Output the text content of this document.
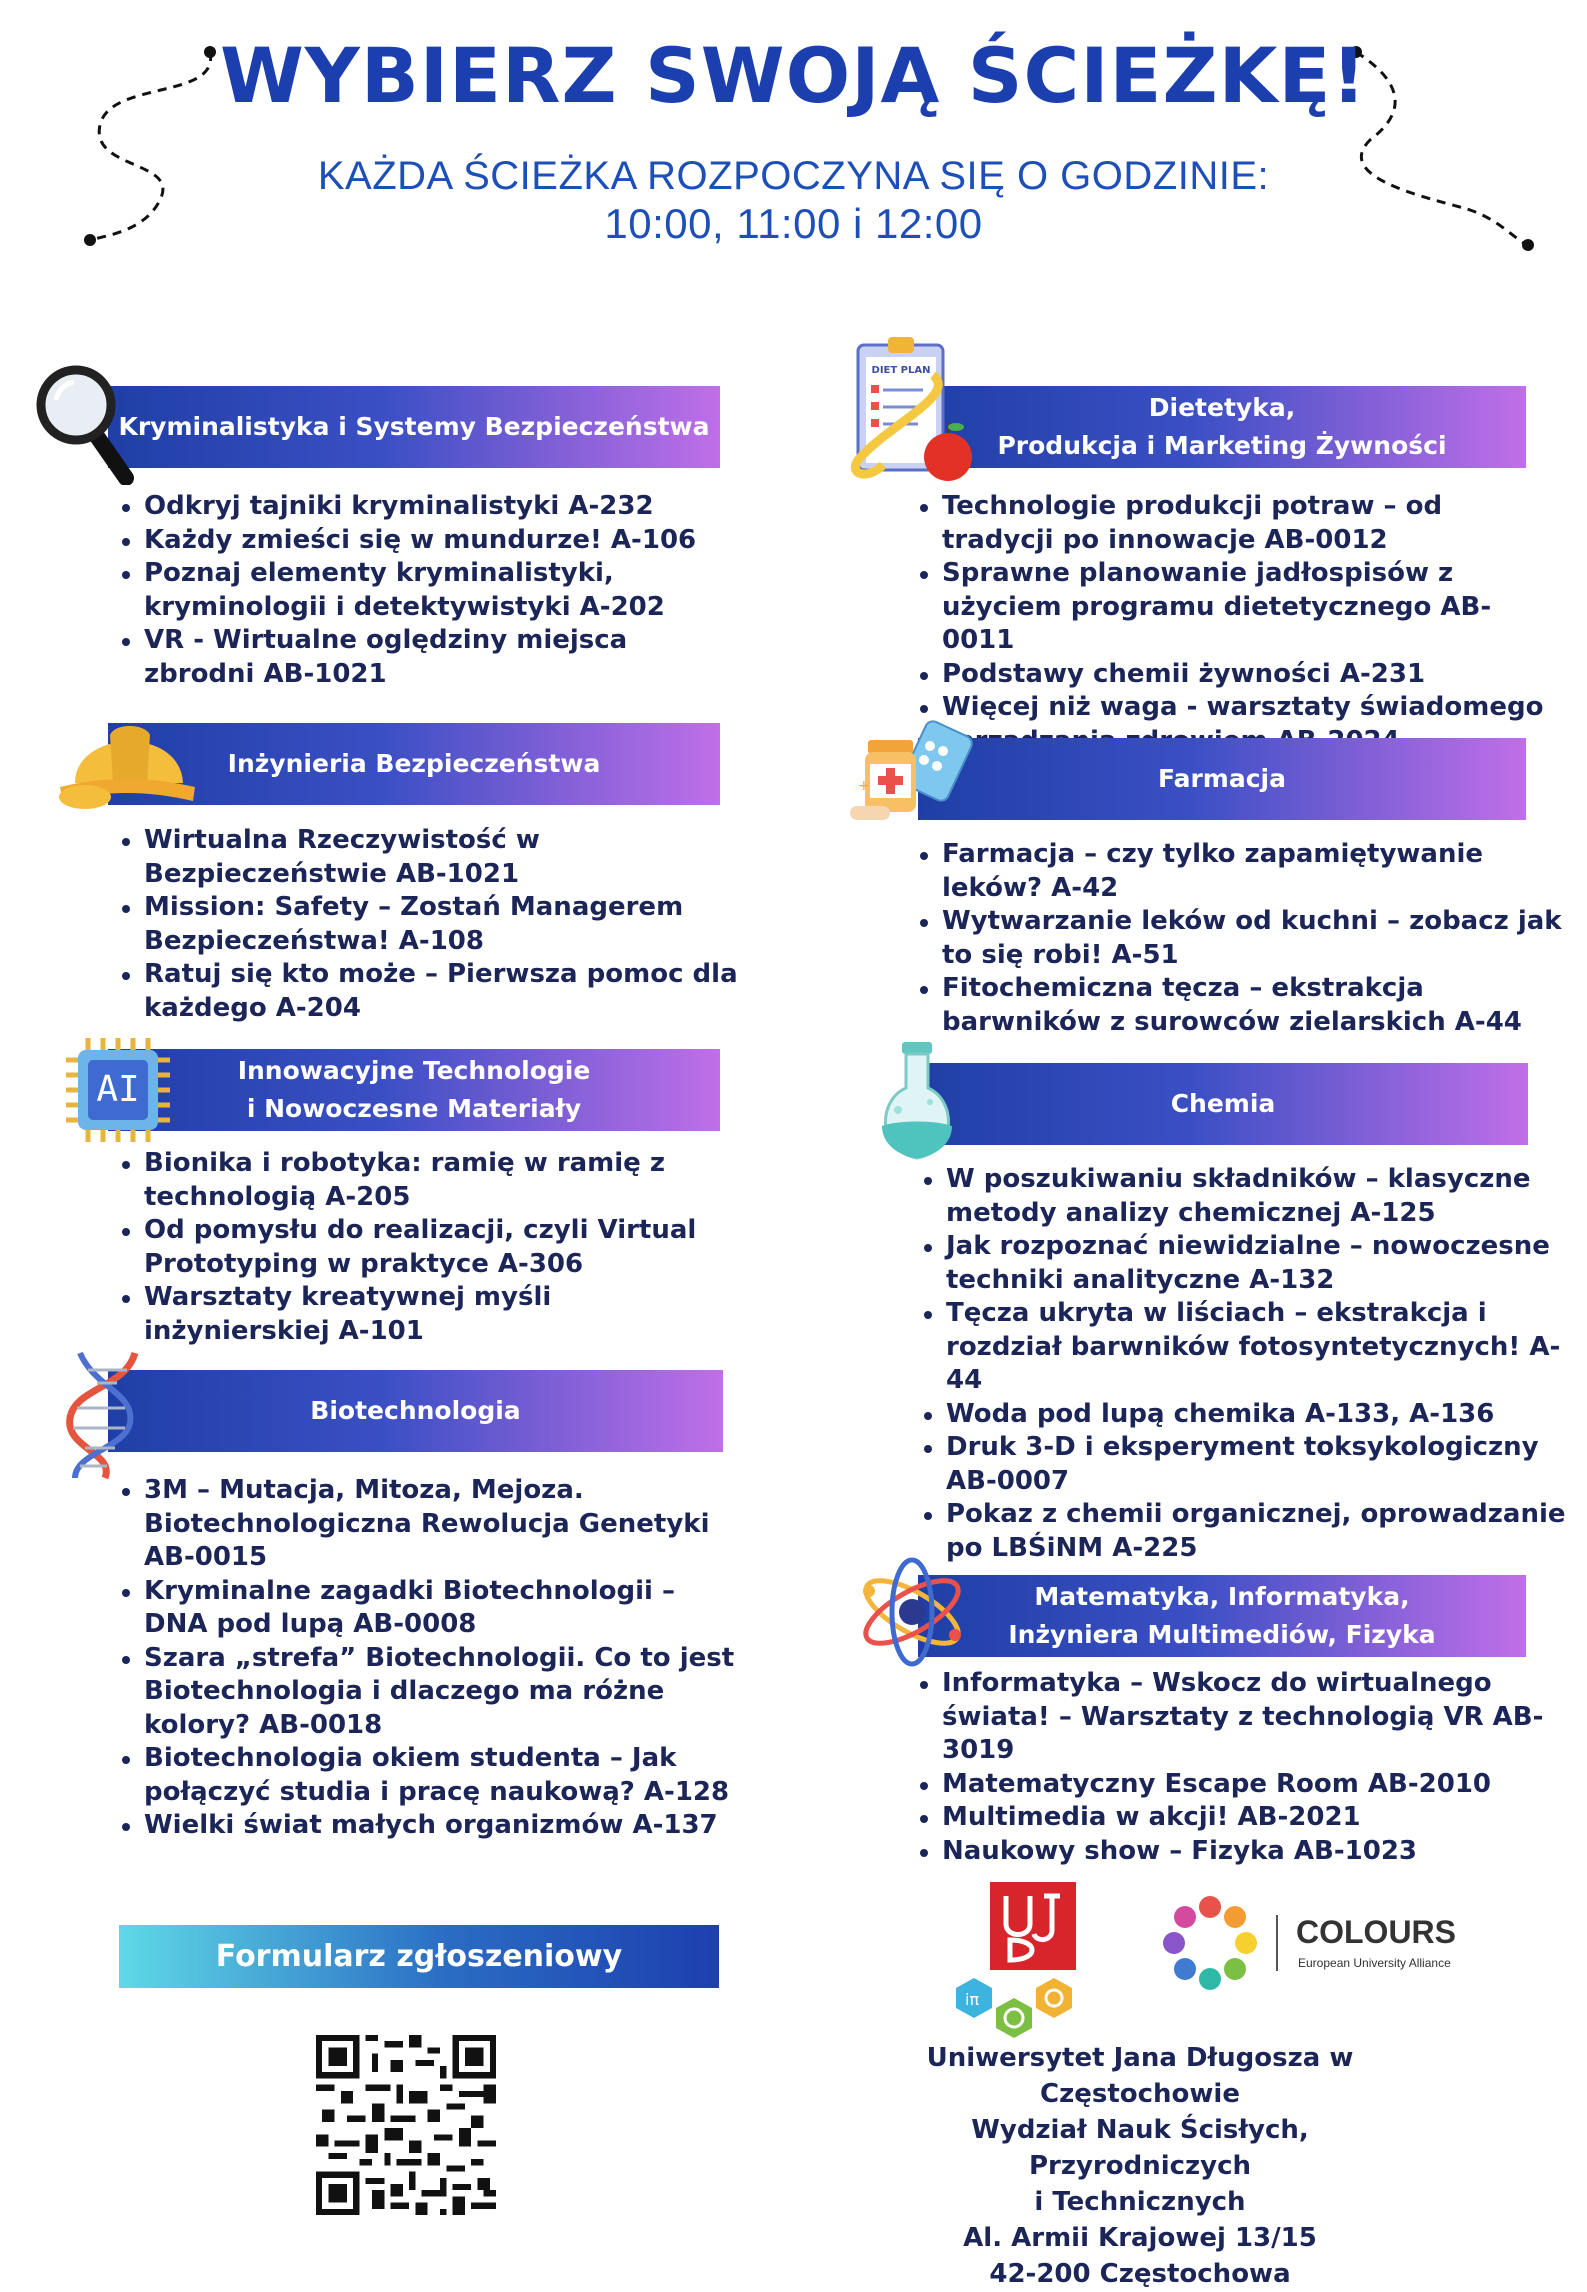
WYBIERZ SWOJĄ ŚCIEŻKĘ!
KAŻDA ŚCIEŻKA ROZPOCZYNA SIĘ O GODZINIE:
10:00, 11:00 i 12:00
Kryminalistyka i Systemy Bezpieczeństwa
Odkryj tajniki kryminalistyki A-232
Każdy zmieści się w mundurze! A-106
Poznaj elementy kryminalistyki, kryminologii i detektywistyki A-202
VR - Wirtualne oględziny miejsca zbrodni AB-1021
Inżynieria Bezpieczeństwa
Wirtualna Rzeczywistość w Bezpieczeństwie AB-1021
Mission: Safety – Zostań Managerem Bezpieczeństwa! A-108
Ratuj się kto może – Pierwsza pomoc dla każdego A-204
Innowacyjne Technologie
i Nowoczesne Materiały
AI
Bionika i robotyka: ramię w ramię z technologią A-205
Od pomysłu do realizacji, czyli Virtual Prototyping w praktyce A-306
Warsztaty kreatywnej myśli inżynierskiej A-101
Biotechnologia
3M – Mutacja, Mitoza, Mejoza. Biotechnologiczna Rewolucja Genetyki AB-0015
Kryminalne zagadki Biotechnologii – DNA pod lupą AB-0008
Szara „strefa” Biotechnologii. Co to jest Biotechnologia i dlaczego ma różne kolory? AB-0018
Biotechnologia okiem studenta – Jak połączyć studia i pracę naukową? A-128
Wielki świat małych organizmów A-137
Formularz zgłoszeniowy
Dietetyka,
Produkcja i Marketing Żywności
DIET PLAN
Technologie produkcji potraw – od tradycji po innowacje AB-0012
Sprawne planowanie jadłospisów z użyciem programu dietetycznego AB-0011
Podstawy chemii żywności A-231
Więcej niż waga - warsztaty świadomego
Farmacja
+
Farmacja – czy tylko zapamiętywanie leków? A-42
Wytwarzanie leków od kuchni – zobacz jak to się robi! A-51
Fitochemiczna tęcza – ekstrakcja barwników z surowców zielarskich A-44
Chemia
W poszukiwaniu składników – klasyczne metody analizy chemicznej A-125
Jak rozpoznać niewidzialne – nowoczesne techniki analityczne A-132
Tęcza ukryta w liściach – ekstrakcja i rozdział barwników fotosyntetycznych! A-44
Woda pod lupą chemika A-133, A-136
Druk 3-D i eksperyment toksykologiczny AB-0007
Pokaz z chemii organicznej, oprowadzanie po LBŚiNM A-225
Matematyka, Informatyka,
Inżyniera Multimediów, Fizyka
Informatyka – Wskocz do wirtualnego świata! – Warsztaty z technologią VR AB-3019
Matematyczny Escape Room AB-2010
Multimedia w akcji! AB-2021
Naukowy show – Fizyka AB-1023
iπ
COLOURS
European University Alliance
Uniwersytet Jana Długosza w Częstochowie
Wydział Nauk Ścisłych, Przyrodniczych
i Technicznych
Al. Armii Krajowej 13/15
42-200 Częstochowa
